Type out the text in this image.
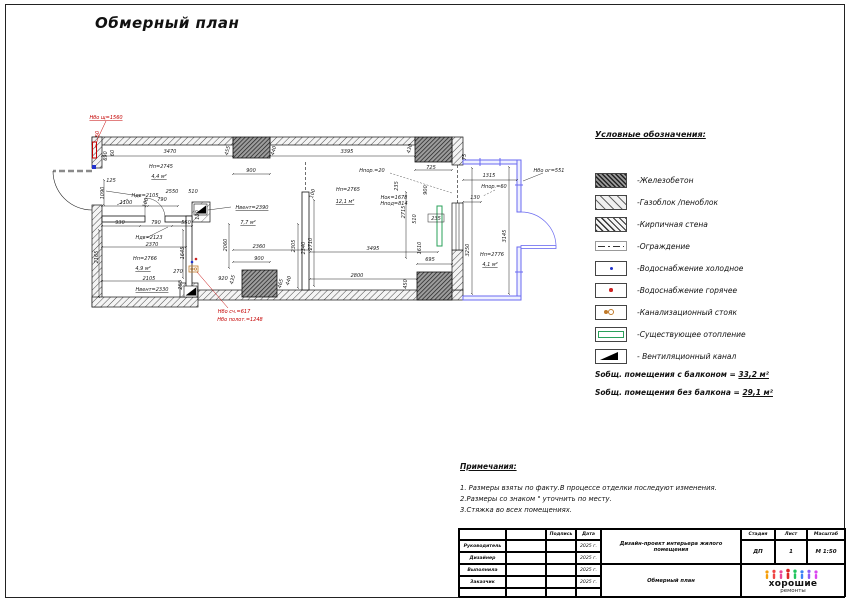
Обмерный план
Нбо щ=1560
50
3470
Нп=2745
4,4 м²
455
900
440	3395	430
725
Нпор.=20
235	900
75
1315
Нпор.=60
130
Нбо ог=551
690 60
125
Ндв=2105
1090
1100 100 790
2550 510
930	790	550
Нвент=2390
7,7 м²
130
2060	2360
900
920 435	465 440
2305 2340
Ндв=2123
2370
Нп=2766
4,9 м²
2165	1645
2105
270
260
Нвент=2330
Нбо сч.=617
Нбо полот.=1248
Нп=2765
12,1 м²
100	Нок=1678
Нпод=814
2715
510	235
1610
695
3495
2800
450
2710	3250
3145
Нп=2776
4,1 м²
Условные обозначения:
-Железобетон
-Газоблок /пеноблок
-Кирпичная стена
-Ограждение
-Водоснабжение холодное
-Водоснабжение горячее
-Канализационный стояк
-Существующее отопление
- Вентиляционный канал
Sобщ. помещения с балконом = 33,2 м²
Sобщ. помещения без балкона = 29,1 м²
Примечания:
1. Размеры взяты по факту.В процессе отделки последуют изменения.
2.Размеры со знаком " уточнить по месту.
3.Стяжка во всех помещениях.
Подпись	Дата
Руководитель	2025 г.
Дизайнер	2025 г.
Выполнила	2025 г.
Заказчик	2025 г.
Дизайн-проект интерьера жилого помещения
Обмерный план
Стадия	Лист	Масштаб
ДП	1	М 1:50
хорошие
ремонты
